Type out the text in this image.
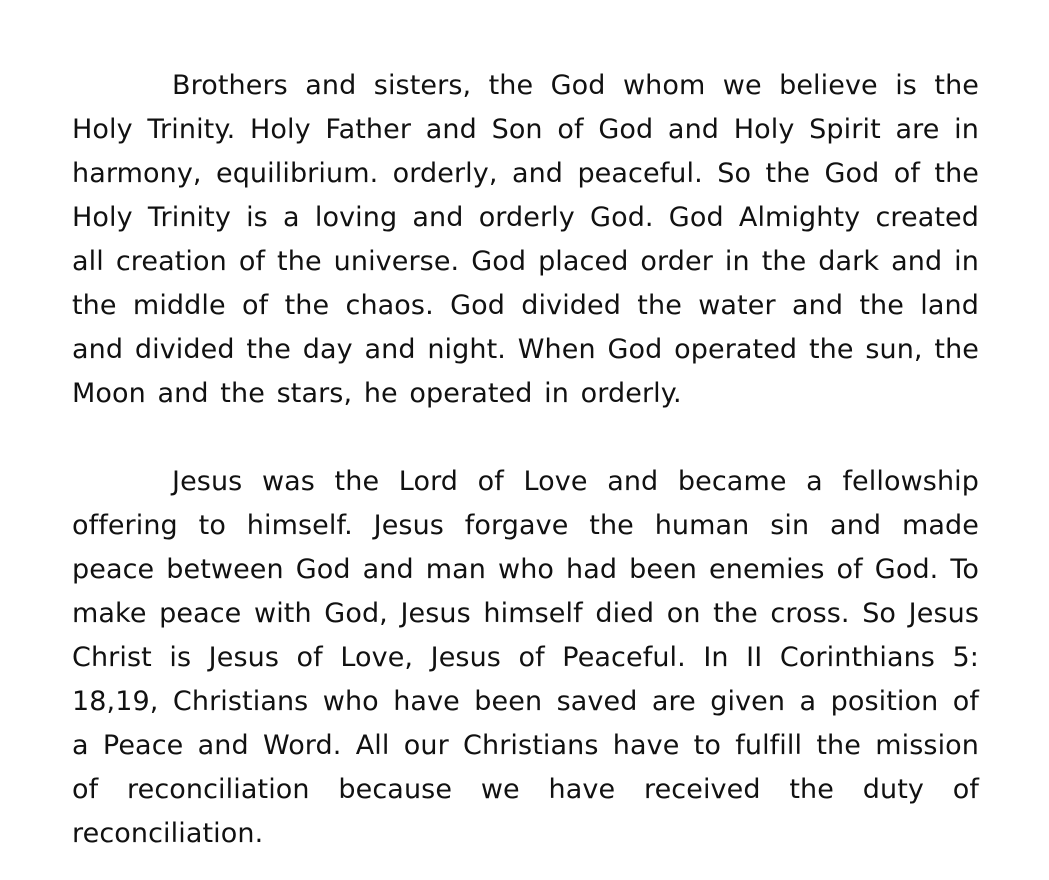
Brothers and sisters, the God whom we believe is the Holy Trinity. Holy Father and Son of God and Holy Spirit are in harmony, equilibrium. orderly, and peaceful. So the God of the Holy Trinity is a loving and orderly God. God Almighty created all creation of the universe. God placed order in the dark and in the middle of the chaos. God divided the water and the land and divided the day and night. When God operated the sun, the Moon and the stars, he operated in orderly.

Jesus was the Lord of Love and became a fellowship offering to himself. Jesus forgave the human sin and made peace between God and man who had been enemies of God. To make peace with God, Jesus himself died on the cross. So Jesus Christ is Jesus of Love, Jesus of Peaceful. In II Corinthians 5: 18,19, Christians who have been saved are given a position of a Peace and Word. All our Christians have to fulfill the mission of reconciliation because we have received the duty of reconciliation.
